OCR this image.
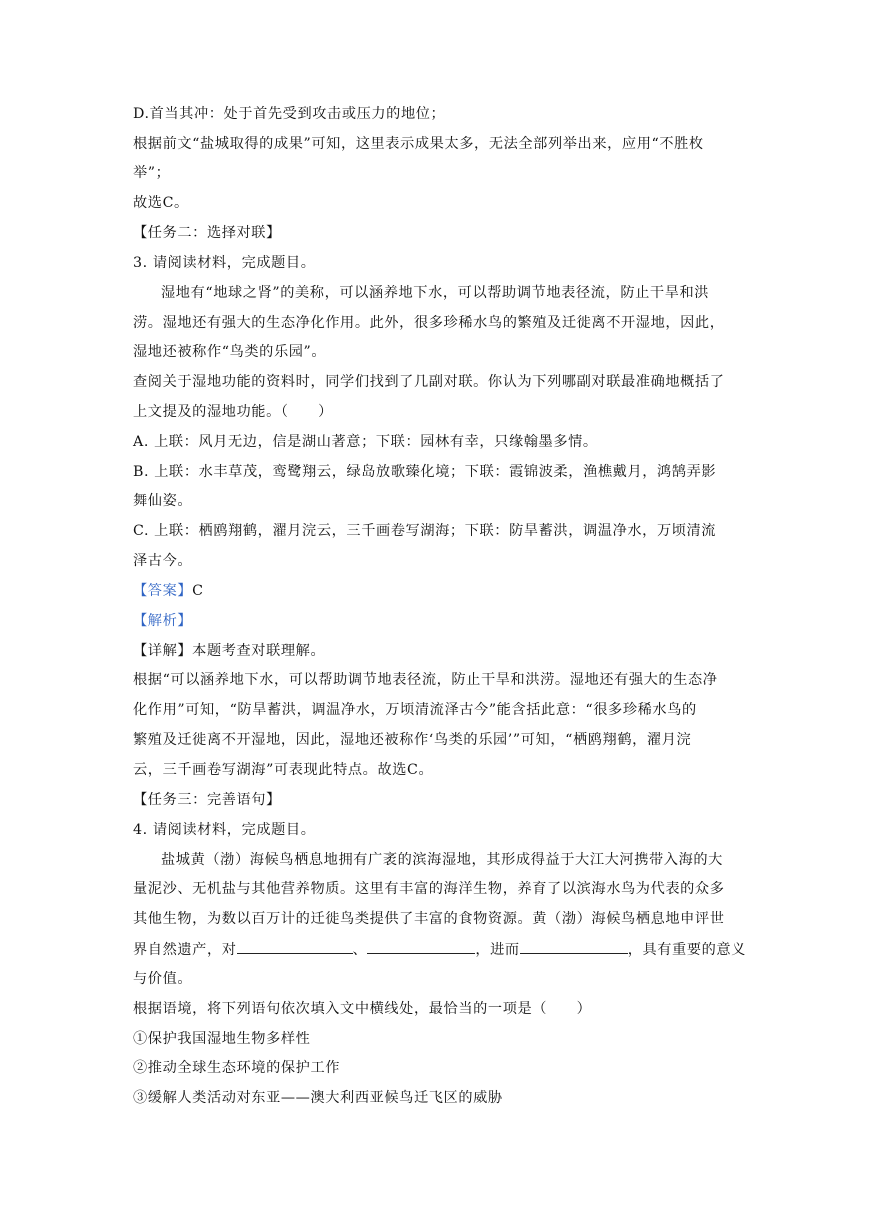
D.首当其冲：处于首先受到攻击或压力的地位；
根据前文“盐城取得的成果”可知，这里表示成果太多，无法全部列举出来，应用“不胜枚
举”；
故选C。
【任务二：选择对联】
3. 请阅读材料，完成题目。
湿地有“地球之肾”的美称，可以涵养地下水，可以帮助调节地表径流，防止干旱和洪
涝。湿地还有强大的生态净化作用。此外，很多珍稀水鸟的繁殖及迁徙离不开湿地，因此，
湿地还被称作“鸟类的乐园”。
查阅关于湿地功能的资料时，同学们找到了几副对联。你认为下列哪副对联最准确地概括了
上文提及的湿地功能。（　　）
A. 上联：风月无边，信是湖山著意；下联：园林有幸，只缘翰墨多情。
B. 上联：水丰草茂，鸾鹭翔云，绿岛放歌臻化境；下联：霞锦波柔，渔樵戴月，鸿鹄弄影
舞仙姿。
C. 上联：栖鸥翔鹤，濯月浣云，三千画卷写湖海；下联：防旱蓄洪，调温净水，万顷清流
泽古今。
【答案】C
【解析】
【详解】本题考查对联理解。
根据“可以涵养地下水，可以帮助调节地表径流，防止干旱和洪涝。湿地还有强大的生态净
化作用”可知，“防旱蓄洪，调温净水，万顷清流泽古今”能含括此意：“很多珍稀水鸟的
繁殖及迁徙离不开湿地，因此，湿地还被称作‘鸟类的乐园’”可知，“栖鸥翔鹤，濯月浣
云，三千画卷写湖海”可表现此特点。故选C。
【任务三：完善语句】
4. 请阅读材料，完成题目。
盐城黄（渤）海候鸟栖息地拥有广袤的滨海湿地，其形成得益于大江大河携带入海的大
量泥沙、无机盐与其他营养物质。这里有丰富的海洋生物，养育了以滨海水鸟为代表的众多
其他生物，为数以百万计的迁徙鸟类提供了丰富的食物资源。黄（渤）海候鸟栖息地申评世
界自然遗产，对	、	，进而	，具有重要的意义
与价值。
根据语境，将下列语句依次填入文中横线处，最恰当的一项是（　　）
①保护我国湿地生物多样性
②推动全球生态环境的保护工作
③缓解人类活动对东亚——澳大利西亚候鸟迁飞区的威胁
